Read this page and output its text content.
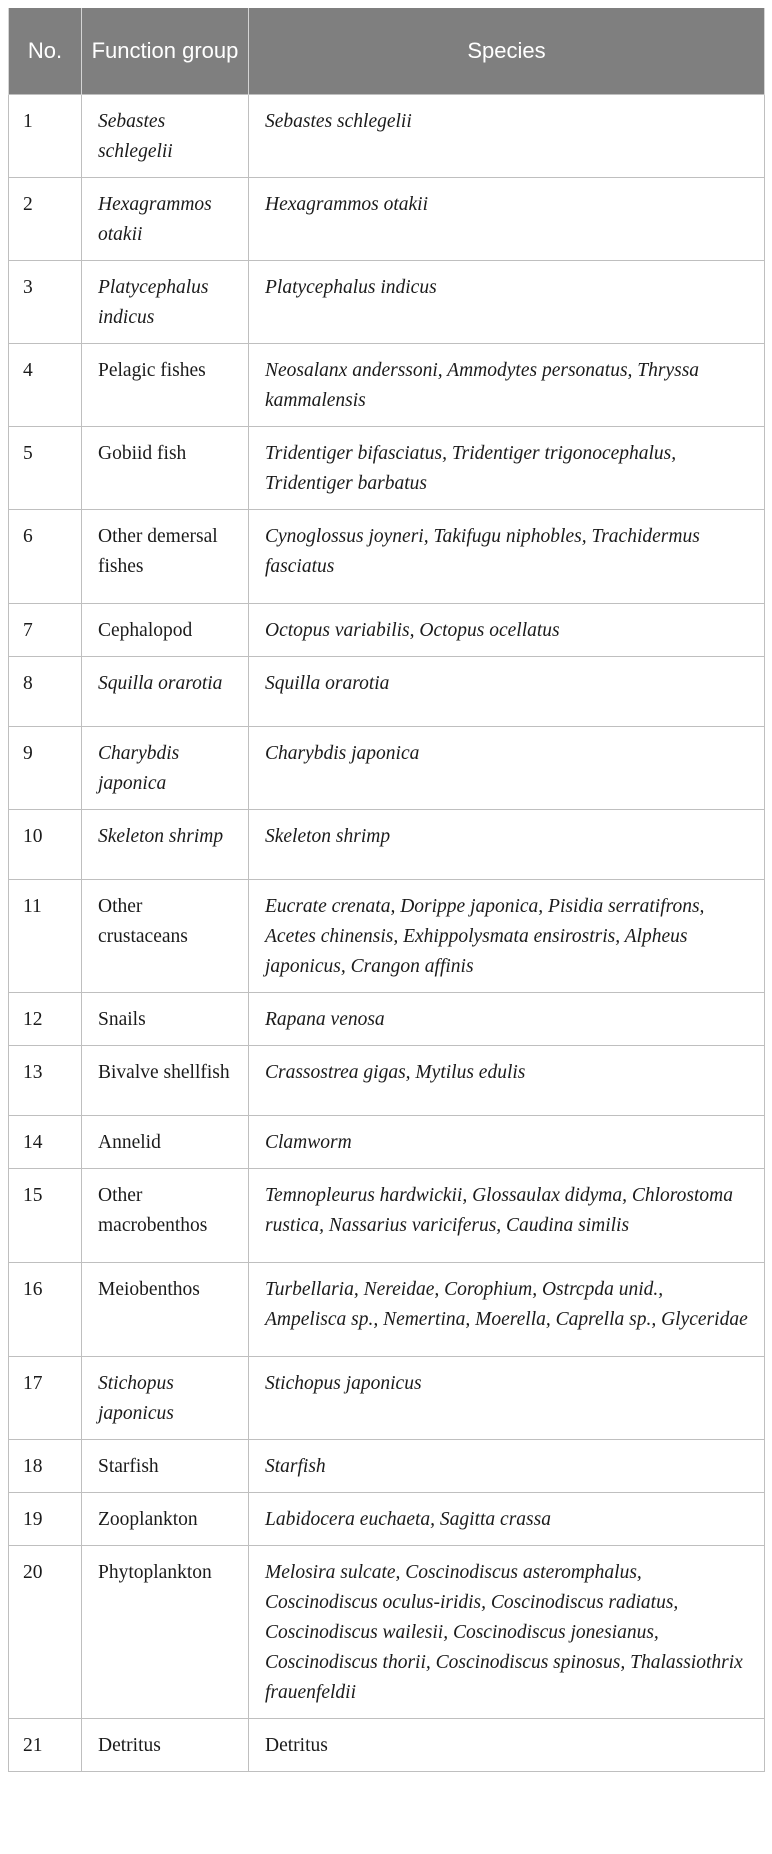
No.	Function group	Species
1	Sebastes schlegelii	Sebastes schlegelii
2	Hexagrammos otakii	Hexagrammos otakii
3	Platycephalus indicus	Platycephalus indicus
4	Pelagic fishes	Neosalanx anderssoni, Ammodytes personatus, Thryssa kammalensis
5	Gobiid fish	Tridentiger bifasciatus, Tridentiger trigonocephalus, Tridentiger barbatus
6	Other demersal fishes	Cynoglossus joyneri, Takifugu niphobles, Trachidermus fasciatus
7	Cephalopod	Octopus variabilis, Octopus ocellatus
8	Squilla orarotia	Squilla orarotia
9	Charybdis japonica	Charybdis japonica
10	Skeleton shrimp	Skeleton shrimp
11	Other crustaceans	Eucrate crenata, Dorippe japonica, Pisidia serratifrons, Acetes chinensis, Exhippolysmata ensirostris, Alpheus japonicus, Crangon affinis
12	Snails	Rapana venosa
13	Bivalve shellfish	Crassostrea gigas, Mytilus edulis
14	Annelid	Clamworm
15	Other macrobenthos	Temnopleurus hardwickii, Glossaulax didyma, Chlorostoma rustica, Nassarius variciferus, Caudina similis
16	Meiobenthos	Turbellaria, Nereidae, Corophium, Ostrcpda unid., Ampelisca sp., Nemertina, Moerella, Caprella sp., Glyceridae
17	Stichopus japonicus	Stichopus japonicus
18	Starfish	Starfish
19	Zooplankton	Labidocera euchaeta, Sagitta crassa
20	Phytoplankton	Melosira sulcate, Coscinodiscus asteromphalus, Coscinodiscus oculus-iridis, Coscinodiscus radiatus, Coscinodiscus wailesii, Coscinodiscus jonesianus, Coscinodiscus thorii, Coscinodiscus spinosus, Thalassiothrix frauenfeldii
21	Detritus	Detritus
